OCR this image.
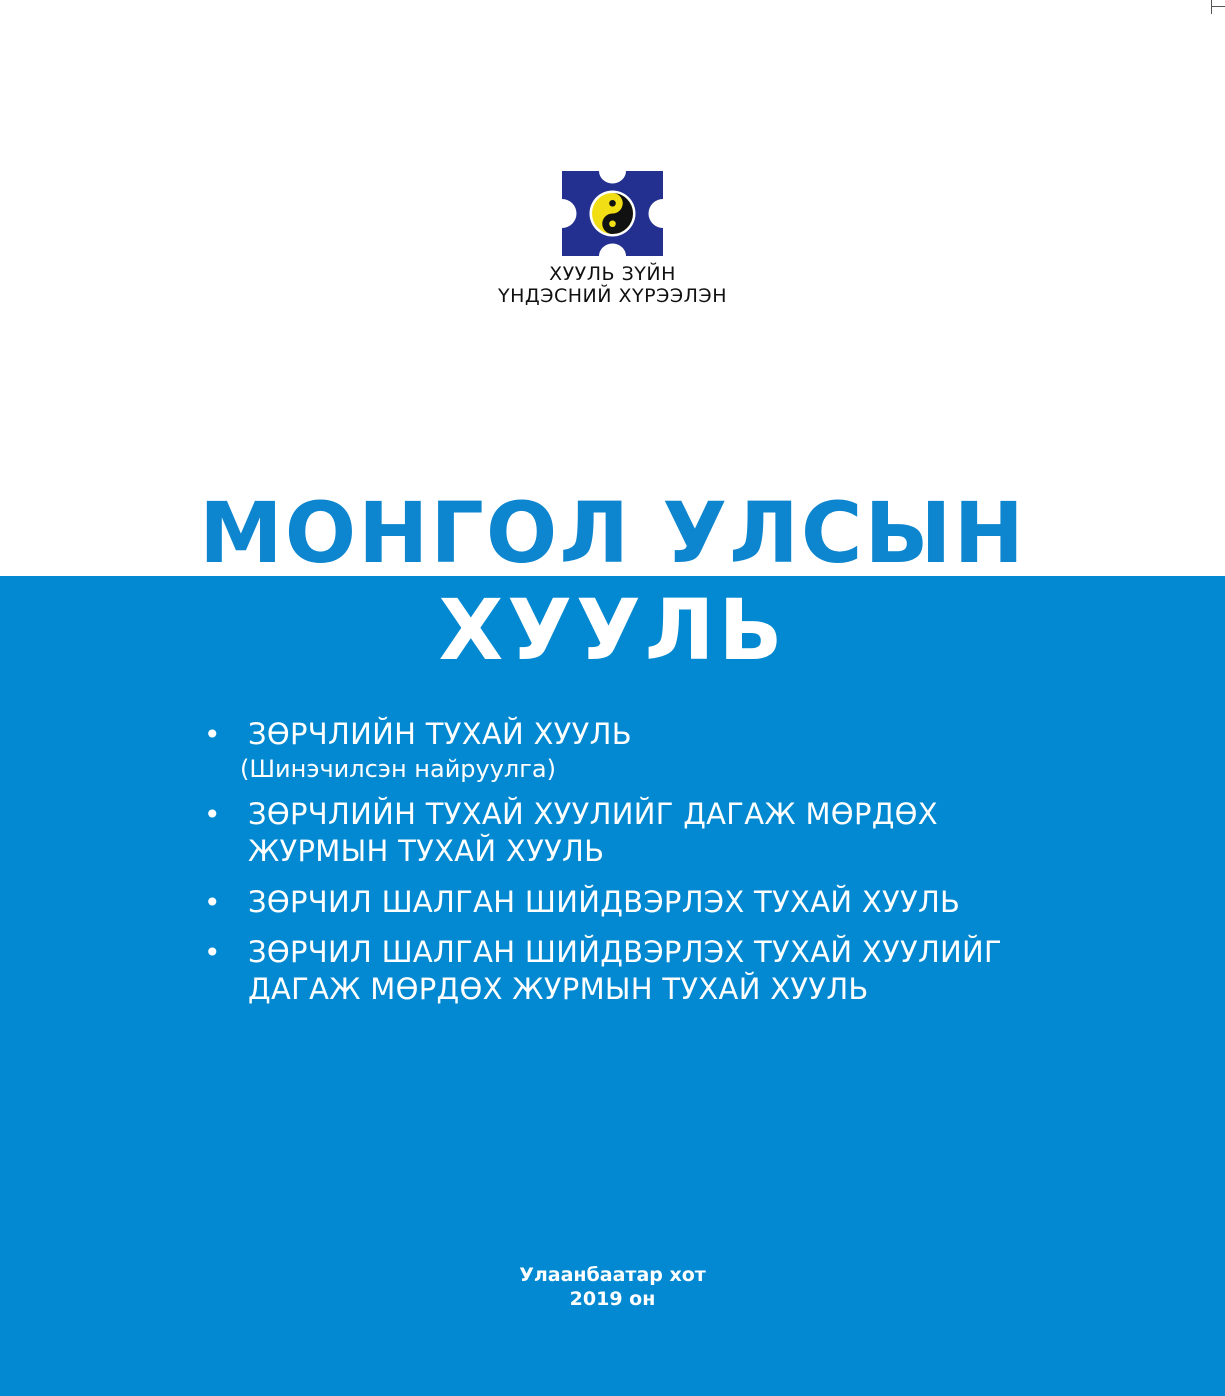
ХУУЛЬ ЗҮЙН
ҮНДЭСНИЙ ХҮРЭЭЛЭН
МОНГОЛ УЛСЫН
ХУУЛЬ
• ЗӨРЧЛИЙН ТУХАЙ ХУУЛЬ
(Шинэчилсэн найруулга)
• ЗӨРЧЛИЙН ТУХАЙ ХУУЛИЙГ ДАГАЖ МӨРДӨХ
ЖУРМЫН ТУХАЙ ХУУЛЬ
• ЗӨРЧИЛ ШАЛГАН ШИЙДВЭРЛЭХ ТУХАЙ ХУУЛЬ
• ЗӨРЧИЛ ШАЛГАН ШИЙДВЭРЛЭХ ТУХАЙ ХУУЛИЙГ
ДАГАЖ МӨРДӨХ ЖУРМЫН ТУХАЙ ХУУЛЬ
Улаанбаатар хот
2019 он
